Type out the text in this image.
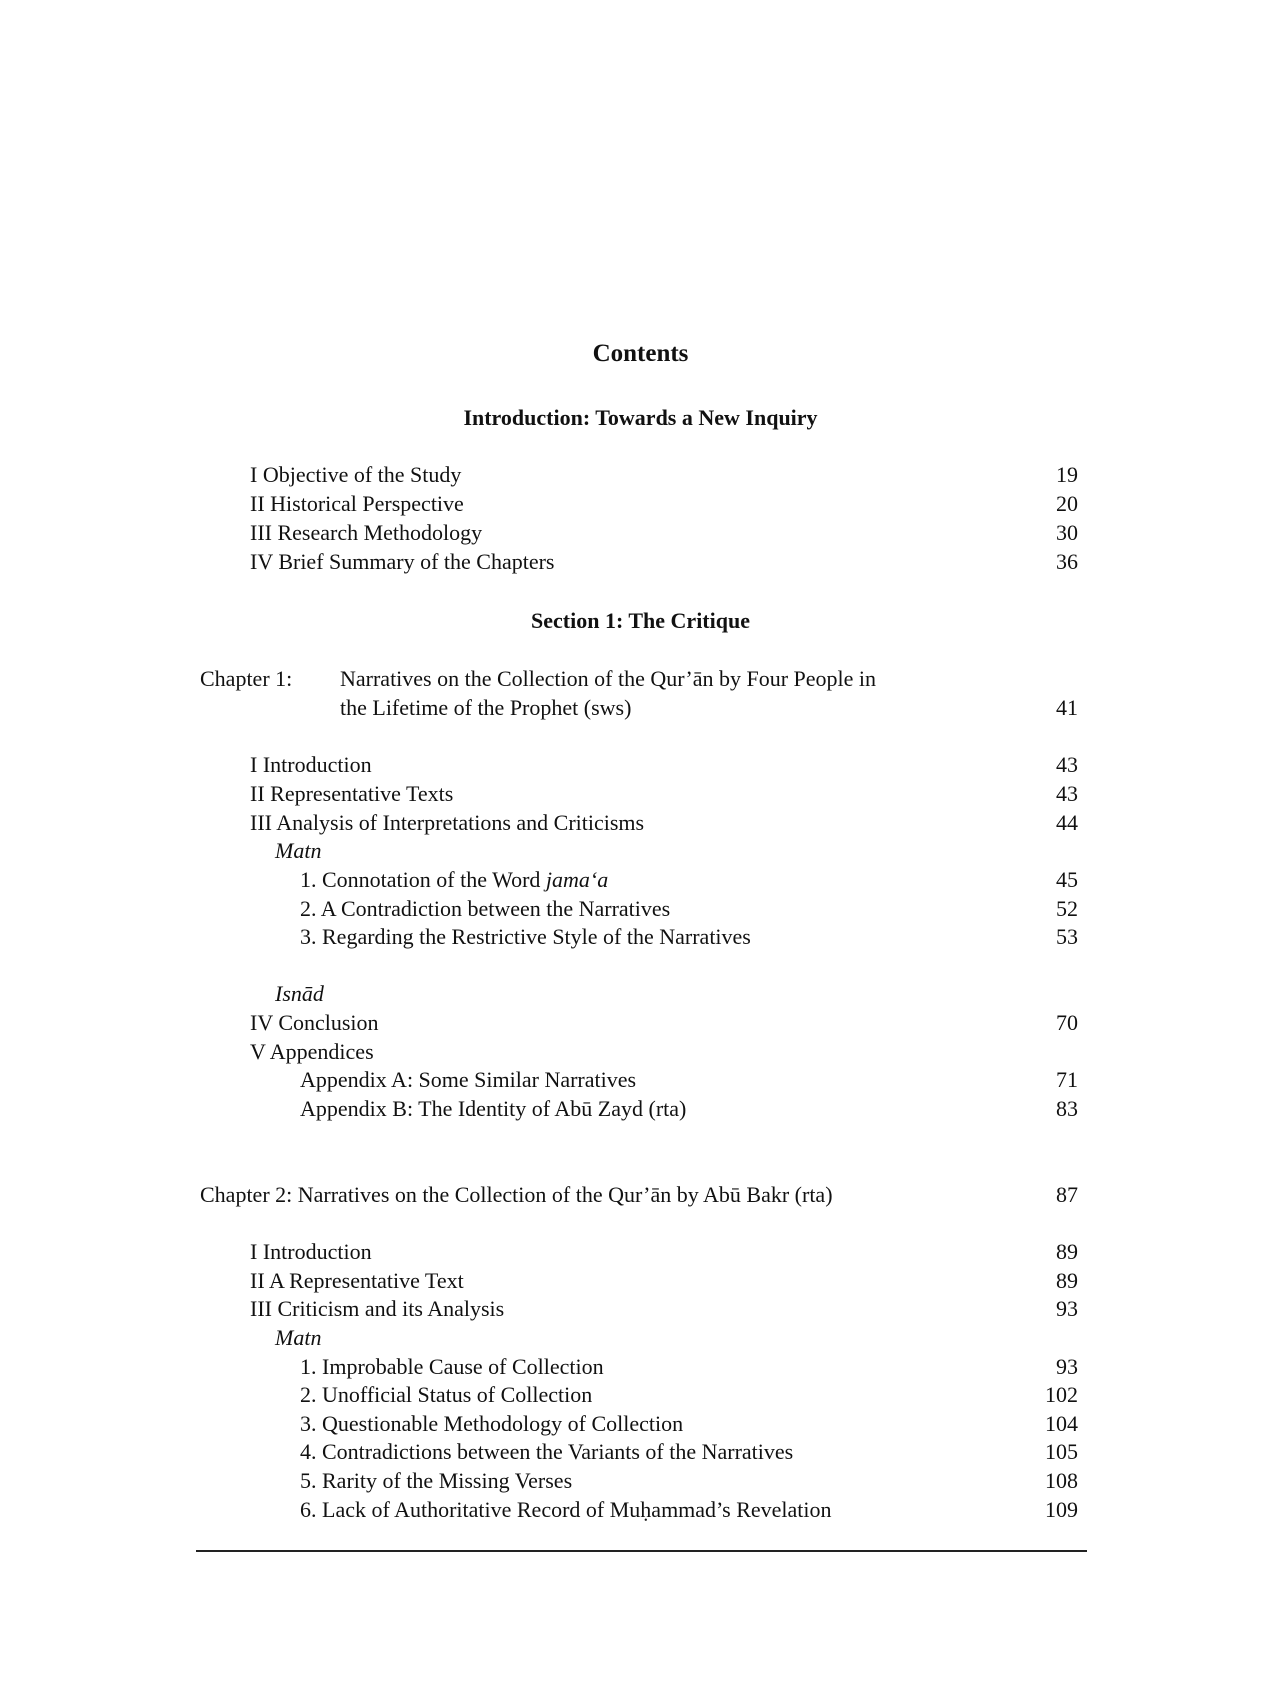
Contents
Introduction: Towards a New Inquiry
I Objective of the Study	19
II Historical Perspective	20
III Research Methodology	30
IV Brief Summary of the Chapters	36
Section 1: The Critique
Chapter 1: Narratives on the Collection of the Qur’ān by Four People in
the Lifetime of the Prophet (sws)	41
I Introduction	43
II Representative Texts	43
III Analysis of Interpretations and Criticisms	44
Matn
1. Connotation of the Word jama‘a	45
2. A Contradiction between the Narratives	52
3. Regarding the Restrictive Style of the Narratives	53
Isnād
IV Conclusion	70
V Appendices
Appendix A: Some Similar Narratives	71
Appendix B: The Identity of Abū Zayd (rta)	83
Chapter 2: Narratives on the Collection of the Qur’ān by Abū Bakr (rta)	87
I Introduction	89
II A Representative Text	89
III Criticism and its Analysis	93
Matn
1. Improbable Cause of Collection	93
2. Unofficial Status of Collection	102
3. Questionable Methodology of Collection	104
4. Contradictions between the Variants of the Narratives	105
5. Rarity of the Missing Verses	108
6. Lack of Authoritative Record of Muḥammad’s Revelation	109
